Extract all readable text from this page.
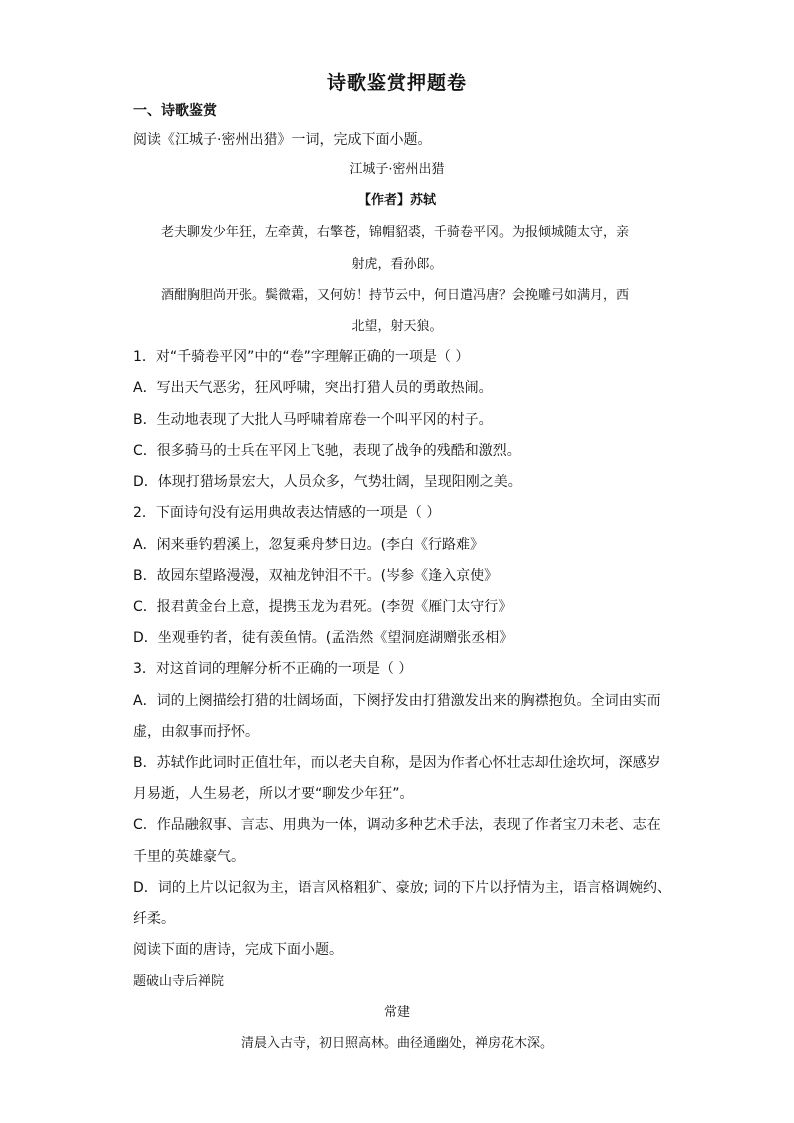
诗歌鉴赏押题卷
一、诗歌鉴赏
阅读《江城子·密州出猎》一词，完成下面小题。
江城子·密州出猎
【作者】苏轼
老夫聊发少年狂，左牵黄，右擎苍，锦帽貂裘，千骑卷平冈。为报倾城随太守，亲
射虎，看孙郎。
酒酣胸胆尚开张。鬓微霜，又何妨！持节云中，何日遣冯唐？会挽雕弓如满月，西
北望，射天狼。
1．对“千骑卷平冈”中的“卷”字理解正确的一项是（ ）
A．写出天气恶劣，狂风呼啸，突出打猎人员的勇敢热闹。
B．生动地表现了大批人马呼啸着席卷一个叫平冈的村子。
C．很多骑马的士兵在平冈上飞驰，表现了战争的残酷和激烈。
D．体现打猎场景宏大，人员众多，气势壮阔，呈现阳刚之美。
2．下面诗句没有运用典故表达情感的一项是（ ）
A．闲来垂钓碧溪上，忽复乘舟梦日边。(李白《行路难》
B．故园东望路漫漫，双袖龙钟泪不干。(岑参《逢入京使》
C．报君黄金台上意，提携玉龙为君死。(李贺《雁门太守行》
D．坐观垂钓者，徒有羡鱼情。(孟浩然《望洞庭湖赠张丞相》
3．对这首词的理解分析不正确的一项是（ ）
A．词的上阕描绘打猎的壮阔场面，下阕抒发由打猎激发出来的胸襟抱负。全词由实而
虚，由叙事而抒怀。
B．苏轼作此词时正值壮年，而以老夫自称，是因为作者心怀壮志却仕途坎坷，深感岁
月易逝，人生易老，所以才要“聊发少年狂”。
C．作品融叙事、言志、用典为一体，调动多种艺术手法，表现了作者宝刀未老、志在
千里的英雄豪气。
D．词的上片以记叙为主，语言风格粗犷、豪放; 词的下片以抒情为主，语言格调婉约、
纤柔。
阅读下面的唐诗，完成下面小题。
题破山寺后禅院
常建
清晨入古寺，初日照高林。曲径通幽处，禅房花木深。
